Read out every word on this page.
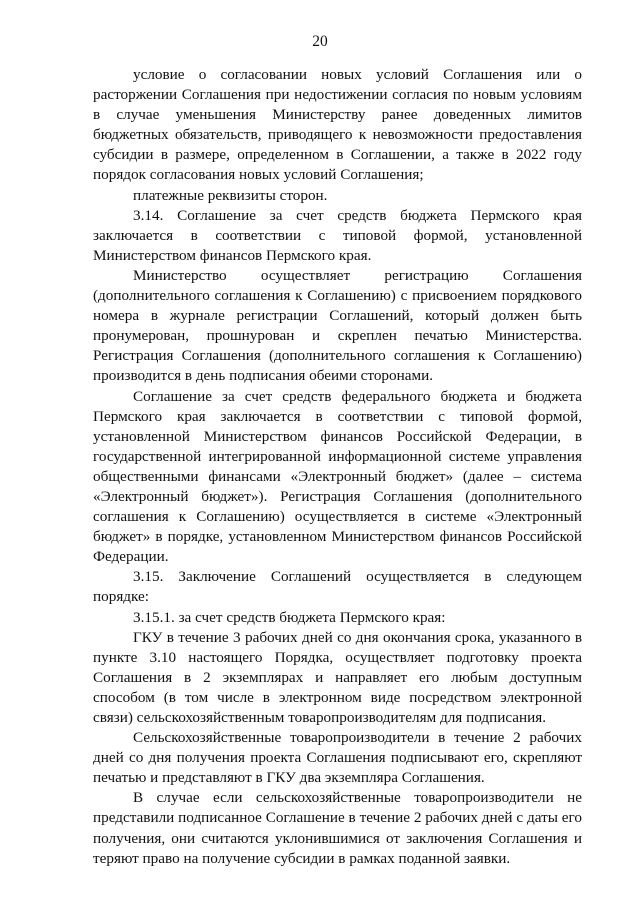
20

условие о согласовании новых условий Соглашения или о расторжении Соглашения при недостижении согласия по новым условиям в случае уменьшения Министерству ранее доведенных лимитов бюджетных обязательств, приводящего к невозможности предоставления субсидии в размере, определенном в Соглашении, а также в 2022 году порядок согласования новых условий Соглашения;

платежные реквизиты сторон.

3.14. Соглашение за счет средств бюджета Пермского края заключается в соответствии с типовой формой, установленной Министерством финансов Пермского края.

Министерство осуществляет регистрацию Соглашения (дополнительного соглашения к Соглашению) с присвоением порядкового номера в журнале регистрации Соглашений, который должен быть пронумерован, прошнурован и скреплен печатью Министерства. Регистрация Соглашения (дополнительного соглашения к Соглашению) производится в день подписания обеими сторонами.

Соглашение за счет средств федерального бюджета и бюджета Пермского края заключается в соответствии с типовой формой, установленной Министерством финансов Российской Федерации, в государственной интегрированной информационной системе управления общественными финансами «Электронный бюджет» (далее – система «Электронный бюджет»). Регистрация Соглашения (дополнительного соглашения к Соглашению) осуществляется в системе «Электронный бюджет» в порядке, установленном Министерством финансов Российской Федерации.

3.15. Заключение Соглашений осуществляется в следующем порядке:

3.15.1. за счет средств бюджета Пермского края:

ГКУ в течение 3 рабочих дней со дня окончания срока, указанного в пункте 3.10 настоящего Порядка, осуществляет подготовку проекта Соглашения в 2 экземплярах и направляет его любым доступным способом (в том числе в электронном виде посредством электронной связи) сельскохозяйственным товаропроизводителям для подписания.

Сельскохозяйственные товаропроизводители в течение 2 рабочих дней со дня получения проекта Соглашения подписывают его, скрепляют печатью и представляют в ГКУ два экземпляра Соглашения.

В случае если сельскохозяйственные товаропроизводители не представили подписанное Соглашение в течение 2 рабочих дней с даты его получения, они считаются уклонившимися от заключения Соглашения и теряют право на получение субсидии в рамках поданной заявки.
